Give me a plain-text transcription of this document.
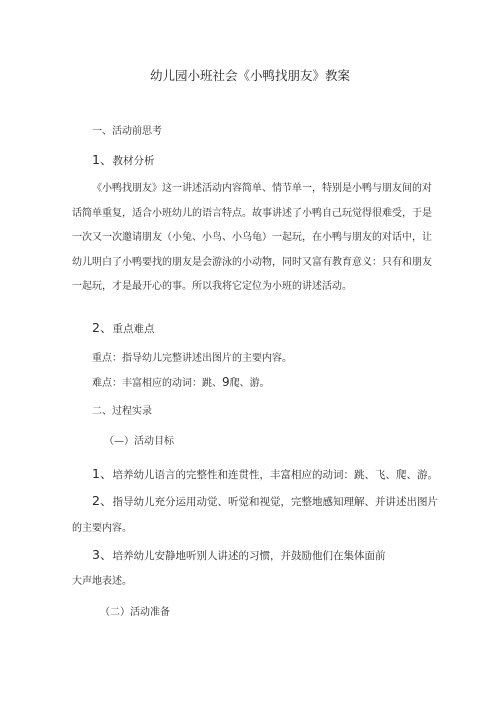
幼儿园小班社会《小鸭找朋友》教案

一、活动前思考

1、教材分析

《小鸭找朋友》这一讲述活动内容简单、情节单一，特别是小鸭与朋友间的对话简单重复，适合小班幼儿的语言特点。故事讲述了小鸭自己玩觉得很难受，于是一次又一次邀请朋友（小兔、小鸟、小乌龟）一起玩，在小鸭与朋友的对话中，让幼儿明白了小鸭要找的朋友是会游泳的小动物，同时又富有教育意义：只有和朋友一起玩，才是最开心的事。所以我将它定位为小班的讲述活动。

2、重点难点

重点：指导幼儿完整讲述出图片的主要内容。

难点：丰富相应的动词：跳、9爬、游。

二、过程实录

（—）活动目标

1、培养幼儿语言的完整性和连贯性，丰富相应的动词：跳、飞、爬、游。

2、指导幼儿充分运用动觉、听觉和视觉，完整地感知理解、并讲述出图片

的主要内容。

3、培养幼儿安静地听别人讲述的习惯，并鼓励他们在集体面前

大声地表述。

（二）活动准备
